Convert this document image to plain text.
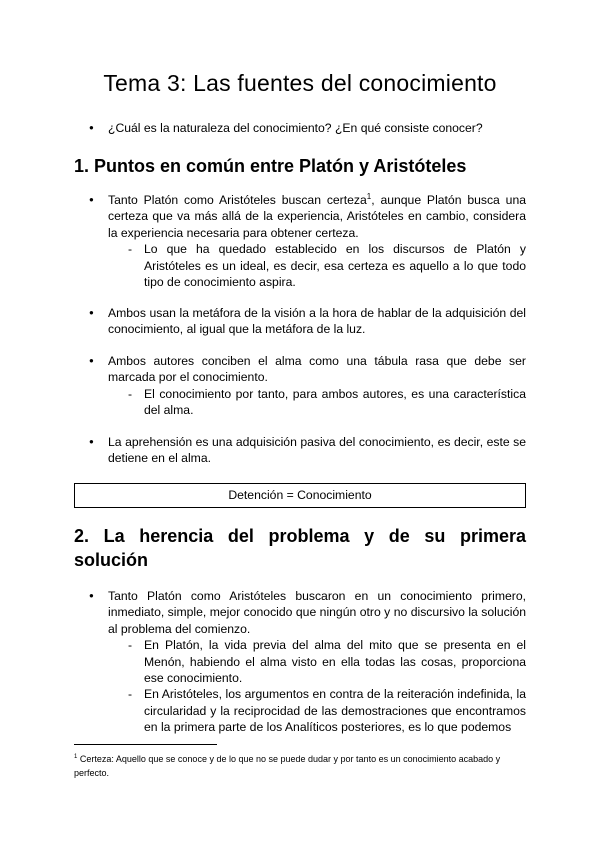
Tema 3: Las fuentes del conocimiento
● ¿Cuál es la naturaleza del conocimiento? ¿En qué consiste conocer?
1. Puntos en común entre Platón y Aristóteles
● Tanto Platón como Aristóteles buscan certeza$^1$, aunque Platón busca una certeza que va más allá de la experiencia, Aristóteles en cambio, considera la experiencia necesaria para obtener certeza.
- Lo que ha quedado establecido en los discursos de Platón y Aristóteles es un ideal, es decir, esa certeza es aquello a lo que todo tipo de conocimiento aspira.
● Ambos usan la metáfora de la visión a la hora de hablar de la adquisición del conocimiento, al igual que la metáfora de la luz.
● Ambos autores conciben el alma como una tábula rasa que debe ser marcada por el conocimiento.
- El conocimiento por tanto, para ambos autores, es una característica del alma.
● La aprehensión es una adquisición pasiva del conocimiento, es decir, este se detiene en el alma.
Detención = Conocimiento
2. La herencia del problema y de su primera solución
● Tanto Platón como Aristóteles buscaron en un conocimiento primero, inmediato, simple, mejor conocido que ningún otro y no discursivo la solución al problema del comienzo.
- En Platón, la vida previa del alma del mito que se presenta en el Menón, habiendo el alma visto en ella todas las cosas, proporciona ese conocimiento.
- En Aristóteles, los argumentos en contra de la reiteración indefinida, la circularidad y la reciprocidad de las demostraciones que encontramos en la primera parte de los Analíticos posteriores, es lo que podemos
$^1$ Certeza: Aquello que se conoce y de lo que no se puede dudar y por tanto es un conocimiento acabado y perfecto.
